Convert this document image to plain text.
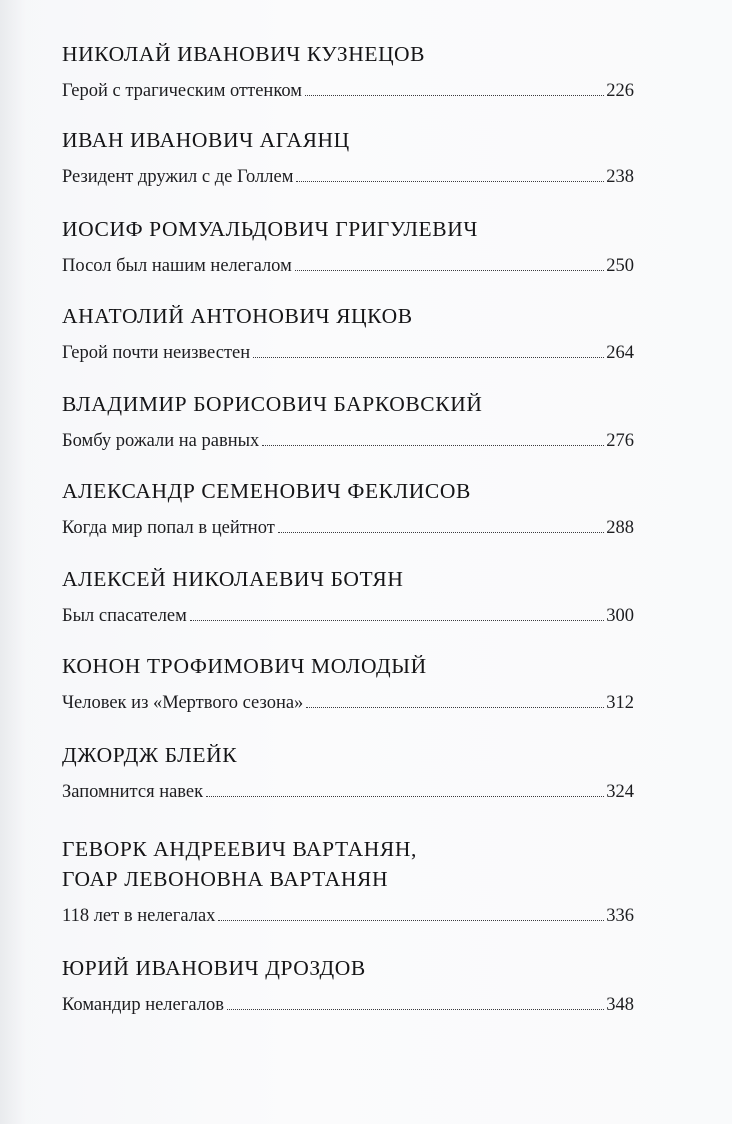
НИКОЛАЙ ИВАНОВИЧ КУЗНЕЦОВ
Герой с трагическим оттенком	226
ИВАН ИВАНОВИЧ АГАЯНЦ
Резидент дружил с де Голлем	238
ИОСИФ РОМУАЛЬДОВИЧ ГРИГУЛЕВИЧ
Посол был нашим нелегалом	250
АНАТОЛИЙ АНТОНОВИЧ ЯЦКОВ
Герой почти неизвестен	264
ВЛАДИМИР БОРИСОВИЧ БАРКОВСКИЙ
Бомбу рожали на равных	276
АЛЕКСАНДР СЕМЕНОВИЧ ФЕКЛИСОВ
Когда мир попал в цейтнот	288
АЛЕКСЕЙ НИКОЛАЕВИЧ БОТЯН
Был спасателем	300
КОНОН ТРОФИМОВИЧ МОЛОДЫЙ
Человек из «Мертвого сезона»	312
ДЖОРДЖ БЛЕЙК
Запомнится навек	324
ГЕВОРК АНДРЕЕВИЧ ВАРТАНЯН,
ГОАР ЛЕВОНОВНА ВАРТАНЯН
118 лет в нелегалах	336
ЮРИЙ ИВАНОВИЧ ДРОЗДОВ
Командир нелегалов	348
